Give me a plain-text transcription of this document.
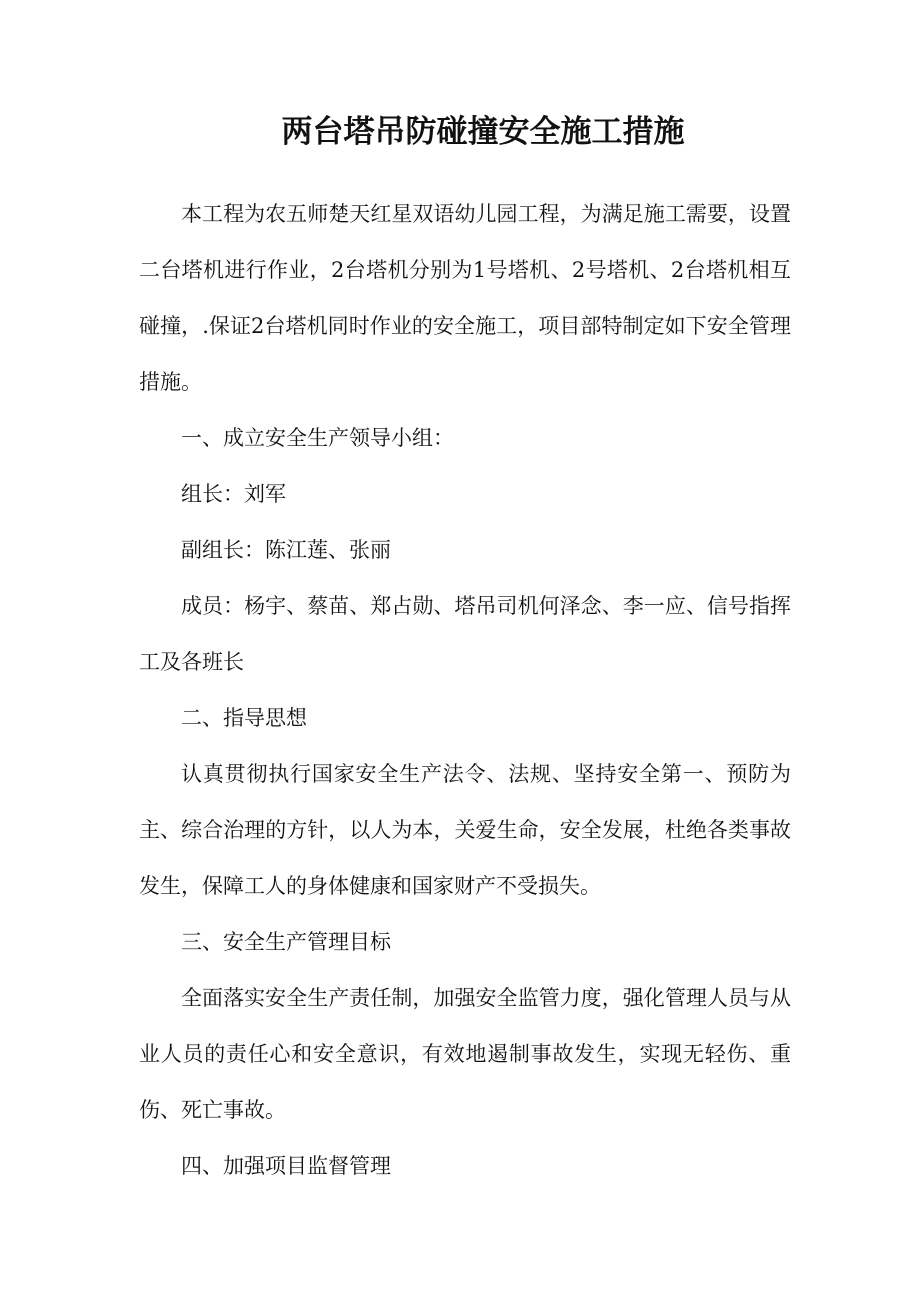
两台塔吊防碰撞安全施工措施

本工程为农五师楚天红星双语幼儿园工程，为满足施工需要，设置二台塔机进行作业，2台塔机分别为1号塔机、2号塔机、2台塔机相互碰撞，.保证2台塔机同时作业的安全施工，项目部特制定如下安全管理措施。

一、成立安全生产领导小组：

组长：刘军

副组长：陈江莲、张丽

成员：杨宇、蔡苗、郑占勋、塔吊司机何泽念、李一应、信号指挥工及各班长

二、指导思想

认真贯彻执行国家安全生产法令、法规、坚持安全第一、预防为主、综合治理的方针，以人为本，关爱生命，安全发展，杜绝各类事故发生，保障工人的身体健康和国家财产不受损失。

三、安全生产管理目标

全面落实安全生产责任制，加强安全监管力度，强化管理人员与从业人员的责任心和安全意识，有效地遏制事故发生，实现无轻伤、重伤、死亡事故。

四、加强项目监督管理
